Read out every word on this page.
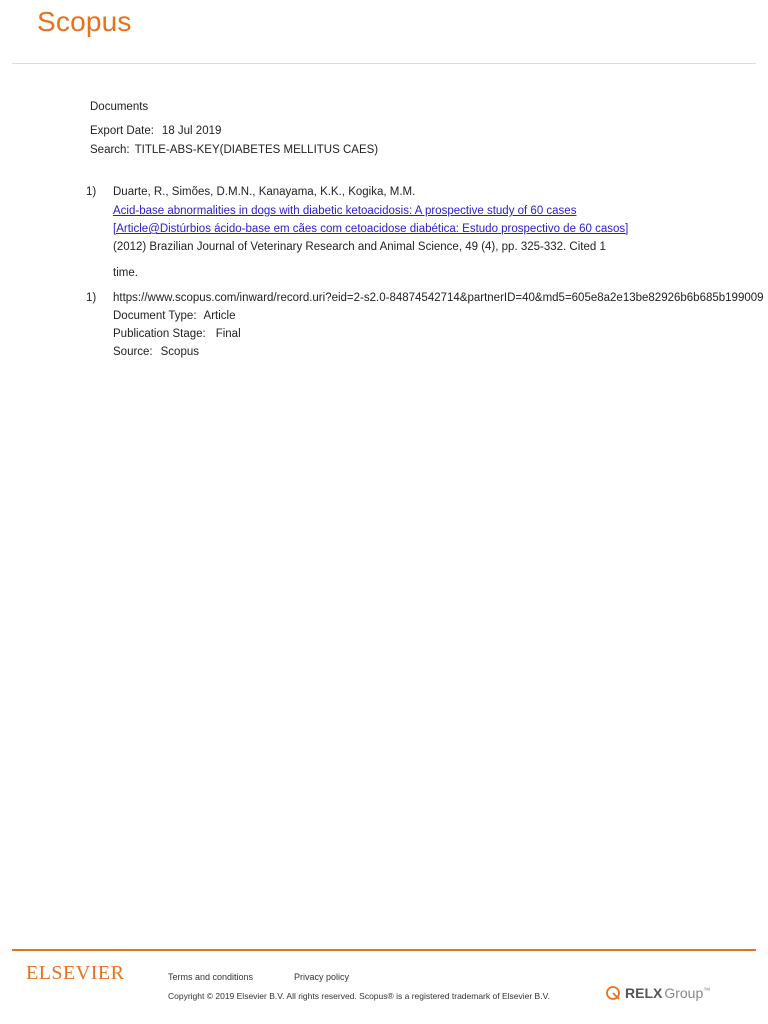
Scopus
Documents
Export Date: 18 Jul 2019
Search: TITLE-ABS-KEY(DIABETES MELLITUS CAES)
1) Duarte, R., Simões, D.M.N., Kanayama, K.K., Kogika, M.M.
Acid-base abnormalities in dogs with diabetic ketoacidosis: A prospective study of 60 cases
[Article@Distúrbios ácido-base em cães com cetoacidose diabética: Estudo prospectivo de 60 casos]
(2012) Brazilian Journal of Veterinary Research and Animal Science, 49 (4), pp. 325-332. Cited 1
time.
1) https://www.scopus.com/inward/record.uri?eid=2-s2.0-84874542714&partnerID=40&md5=605e8a2e13be82926b6b685b199009
Document Type: Article
Publication Stage: Final
Source: Scopus
ELSEVIER	Terms and conditions	Privacy policy
Copyright © 2019 Elsevier B.V. All rights reserved. Scopus® is a registered trademark of Elsevier B.V.	RELX Group™
